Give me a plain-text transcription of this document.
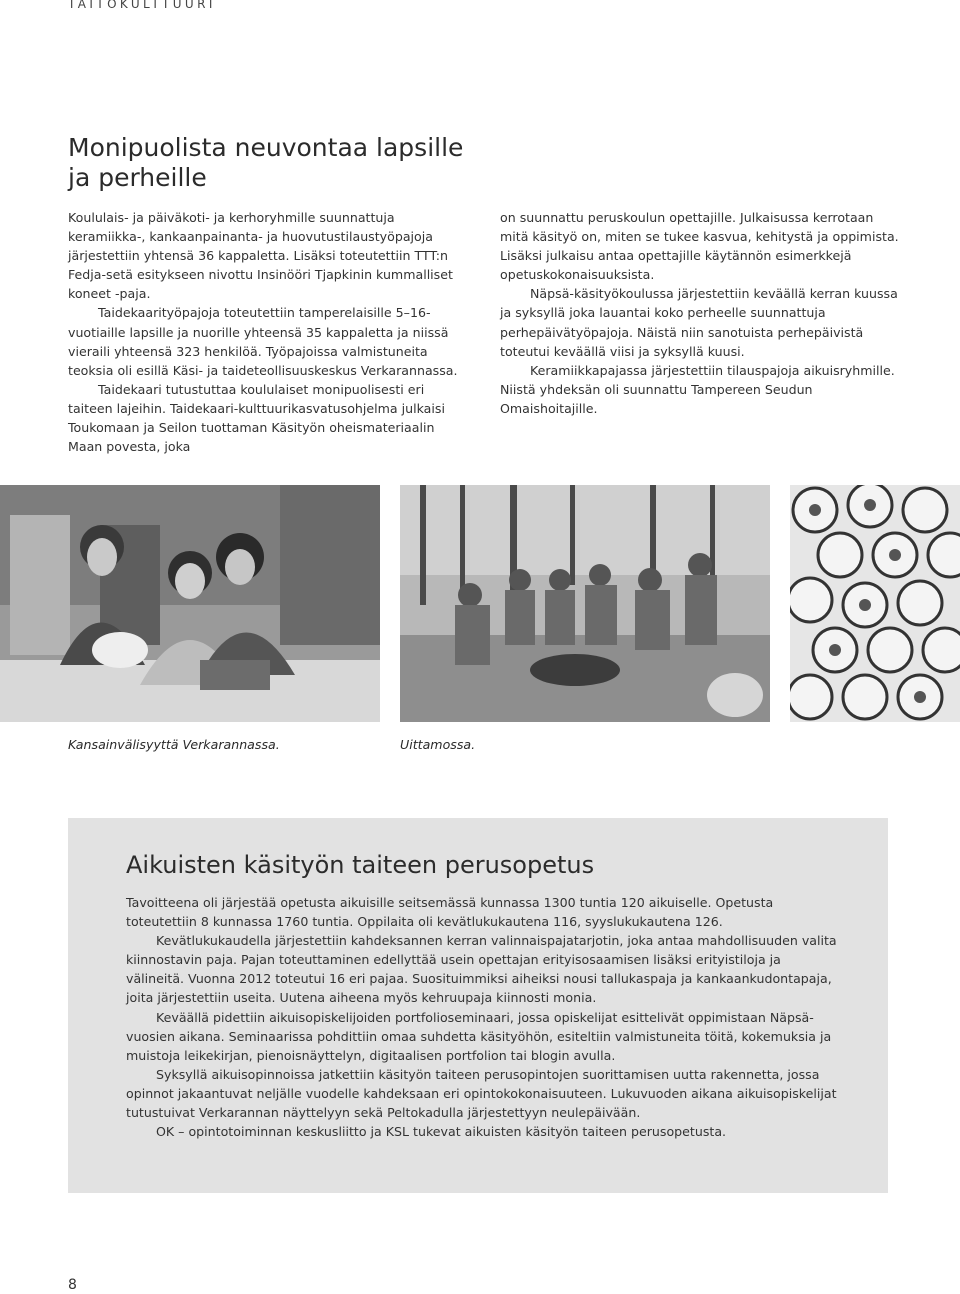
TAITOKULTTUURI
Monipuolista neuvontaa lapsille
ja perheille

Koululais- ja päiväkoti- ja kerhoryhmille suunnattuja keramiikka-, kankaanpainanta- ja huovutustilaustyöpajoja järjestettiin yhtensä 36 kappaletta. Lisäksi toteutettiin TTT:n Fedja-setä esitykseen nivottu Insinööri Tjapkinin kummalliset koneet -paja.

Taidekaarityöpajoja toteutettiin tamperelaisille 5–16-vuotiaille lapsille ja nuorille yhteensä 35 kappaletta ja niissä vieraili yhteensä 323 henkilöä. Työpajoissa valmistuneita teoksia oli esillä Käsi- ja taideteollisuuskeskus Verkarannassa.

Taidekaari tutustuttaa koululaiset monipuolisesti eri taiteen lajeihin. Taidekaari-kulttuurikasvatusohjelma julkaisi Toukomaan ja Seilon tuottaman Käsityön oheismateriaalin Maan povesta, joka

on suunnattu peruskoulun opettajille. Julkaisussa kerrotaan mitä käsityö on, miten se tukee kasvua, kehitystä ja oppimista. Lisäksi julkaisu antaa opettajille käytännön esimerkkejä opetuskokonaisuuksista.

Näpsä-käsityökoulussa järjestettiin keväällä kerran kuussa ja syksyllä joka lauantai koko perheelle suunnattuja perhepäivätyöpajoja. Näistä niin sanotuista perhepäivistä toteutui keväällä viisi ja syksyllä kuusi.

Keramiikkapajassa järjestettiin tilauspajoja aikuisryhmille. Niistä yhdeksän oli suunnattu Tampereen Seudun Omaishoitajille.

Kansainvälisyyttä Verkarannassa.	Uittamossa.
Aikuisten käsityön taiteen perusopetus

Tavoitteena oli järjestää opetusta aikuisille seitsemässä kunnassa 1300 tuntia 120 aikuiselle. Opetusta toteutettiin 8 kunnassa 1760 tuntia. Oppilaita oli kevätlukukautena 116, syyslukukautena 126.

Kevätlukukaudella järjestettiin kahdeksannen kerran valinnaispajatarjotin, joka antaa mahdollisuuden valita kiinnostavin paja. Pajan toteuttaminen edellyttää usein opettajan erityisosaamisen lisäksi erityistiloja ja välineitä. Vuonna 2012 toteutui 16 eri pajaa. Suosituimmiksi aiheiksi nousi tallukaspaja ja kankaankudontapaja, joita järjestettiin useita. Uutena aiheena myös kehruupaja kiinnosti monia.

Keväällä pidettiin aikuisopiskelijoiden portfolioseminaari, jossa opiskelijat esittelivät oppimistaan Näpsä-vuosien aikana. Seminaarissa pohdittiin omaa suhdetta käsityöhön, esiteltiin valmistuneita töitä, kokemuksia ja muistoja leikekirjan, pienoisnäyttelyn, digitaalisen portfolion tai blogin avulla.

Syksyllä aikuisopinnoissa jatkettiin käsityön taiteen perusopintojen suorittamisen uutta rakennetta, jossa opinnot jakaantuvat neljälle vuodelle kahdeksaan eri opintokokonaisuuteen. Lukuvuoden aikana aikuisopiskelijat tutustuivat Verkarannan näyttelyyn sekä Peltokadulla järjestettyyn neulepäivään.

OK – opintotoiminnan keskusliitto ja KSL tukevat aikuisten käsityön taiteen perusopetusta.

8
